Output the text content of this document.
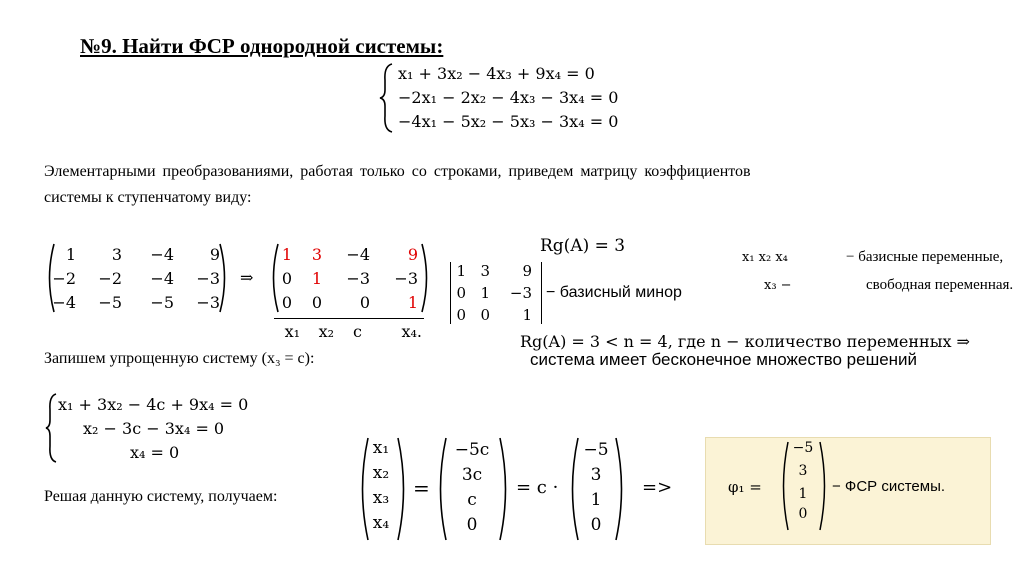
№9. Найти ФСР однородной системы:
x₁ + 3x₂ − 4x₃ + 9x₄ = 0
−2x₁ − 2x₂ − 4x₃ − 3x₄ = 0
−4x₁ − 5x₂ − 5x₃ − 3x₄ = 0
Элементарными преобразованиями, работая только со строками, приведем матрицу коэффициентов
системы к ступенчатому виду:
1	3	−4	9
−2	−2	−4	−3
−4	−5	−5	−3
⇒
1	3	−4	9
0	1	−3	−3
0	0	0	1
x₁	x₂	c	x₄.
Rg(A) = 3
1 3	9
0 1	−3
0 0	1
− базисный минор
x₁ x₂ x₄	− базисные переменные,
x₃ −	свободная переменная.
Rg(A) = 3 < n = 4, где n − количество переменных ⇒
система имеет бесконечное множество решений
Запишем упрощенную систему (x₃ = c):
x₁ + 3x₂ − 4c + 9x₄ = 0
x₂ − 3c − 3x₄ = 0
x₄ = 0
Решая данную систему, получаем:
x₁
x₂
x₃
x₄
=
−5c
3c
c
0
= c ·
−5
3
1
0
=>	φ₁ =
−5
3
1
0
− ФСР системы.
